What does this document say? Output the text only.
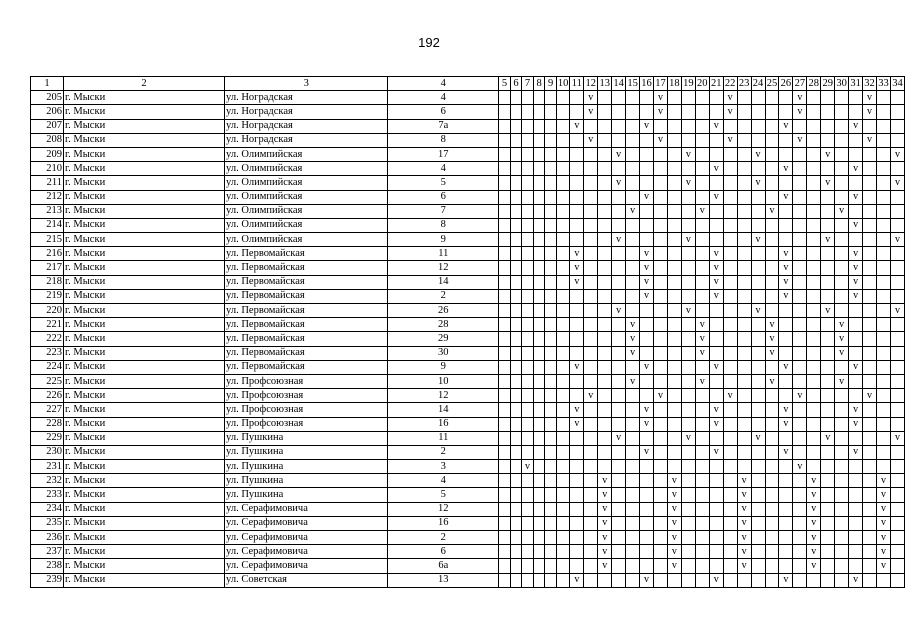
192
1	2	3	4	5	6	7	8	9	10	11	12	13	14	15	16	17	18	19	20	21	22	23	24	25	26	27	28	29	30	31	32	33	34
205	г. Мыски	ул. Ноградская	4								v					v					v					v					v		
206	г. Мыски	ул. Ноградская	6								v					v					v					v					v		
207	г. Мыски	ул. Ноградская	7а							v					v					v					v					v			
208	г. Мыски	ул. Ноградская	8								v					v					v					v					v		
209	г. Мыски	ул. Олимпийская	17										v					v					v					v					v
210	г. Мыски	ул. Олимпийская	4																	v					v					v			
211	г. Мыски	ул. Олимпийская	5										v					v					v					v					v
212	г. Мыски	ул. Олимпийская	6												v					v					v					v			
213	г. Мыски	ул. Олимпийская	7											v					v					v					v				
214	г. Мыски	ул. Олимпийская	8																											v			
215	г. Мыски	ул. Олимпийская	9										v					v					v					v					v
216	г. Мыски	ул. Первомайская	11							v					v					v					v					v			
217	г. Мыски	ул. Первомайская	12							v					v					v					v					v			
218	г. Мыски	ул. Первомайская	14							v					v					v					v					v			
219	г. Мыски	ул. Первомайская	2												v					v					v					v			
220	г. Мыски	ул. Первомайская	26										v					v					v					v					v
221	г. Мыски	ул. Первомайская	28											v					v					v					v				
222	г. Мыски	ул. Первомайская	29											v					v					v					v				
223	г. Мыски	ул. Первомайская	30											v					v					v					v				
224	г. Мыски	ул. Первомайская	9							v					v					v					v					v			
225	г. Мыски	ул. Профсоюзная	10											v					v					v					v				
226	г. Мыски	ул. Профсоюзная	12								v					v					v					v					v		
227	г. Мыски	ул. Профсоюзная	14							v					v					v					v					v			
228	г. Мыски	ул. Профсоюзная	16							v					v					v					v					v			
229	г. Мыски	ул. Пушкина	11										v					v					v					v					v
230	г. Мыски	ул. Пушкина	2												v					v					v					v			
231	г. Мыски	ул. Пушкина	3			v																				v							
232	г. Мыски	ул. Пушкина	4									v					v					v					v					v	
233	г. Мыски	ул. Пушкина	5									v					v					v					v					v	
234	г. Мыски	ул. Серафимовича	12									v					v					v					v					v	
235	г. Мыски	ул. Серафимовича	16									v					v					v					v					v	
236	г. Мыски	ул. Серафимовича	2									v					v					v					v					v	
237	г. Мыски	ул. Серафимовича	6									v					v					v					v					v	
238	г. Мыски	ул. Серафимовича	6а									v					v					v					v					v	
239	г. Мыски	ул. Советская	13							v					v					v					v					v			
